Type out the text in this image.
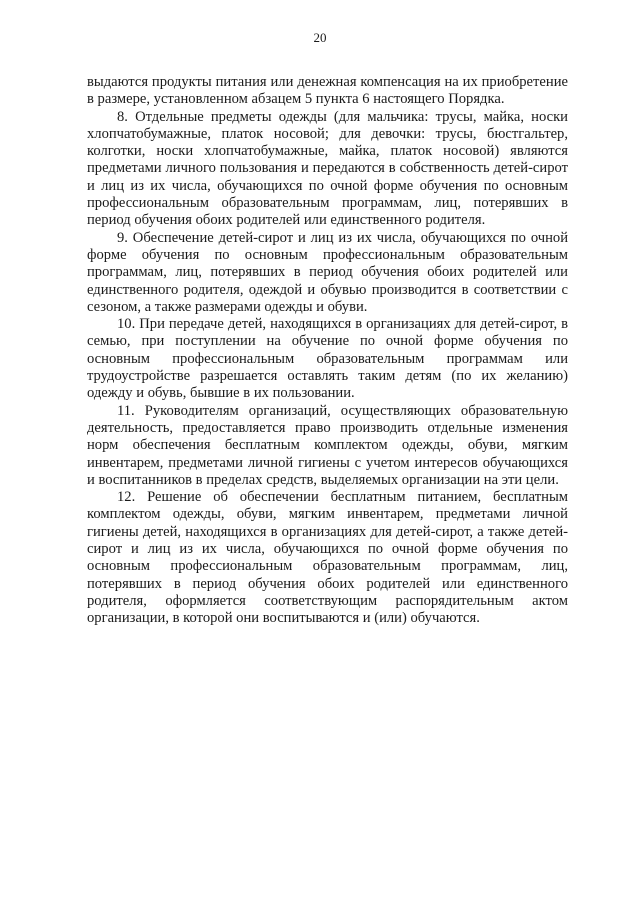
20

выдаются продукты питания или денежная компенсация на их приобретение в размере, установленном абзацем 5 пункта 6 настоящего Порядка.

8. Отдельные предметы одежды (для мальчика: трусы, майка, носки хлопчатобумажные, платок носовой; для девочки: трусы, бюстгальтер, колготки, носки хлопчатобумажные, майка, платок носовой) являются предметами личного пользования и передаются в собственность детей-сирот и лиц из их числа, обучающихся по очной форме обучения по основным профессиональным образовательным программам, лиц, потерявших в период обучения обоих родителей или единственного родителя.

9. Обеспечение детей-сирот и лиц из их числа, обучающихся по очной форме обучения по основным профессиональным образовательным программам, лиц, потерявших в период обучения обоих родителей или единственного родителя, одеждой и обувью производится в соответствии с сезоном, а также размерами одежды и обуви.

10. При передаче детей, находящихся в организациях для детей-сирот, в семью, при поступлении на обучение по очной форме обучения по основным профессиональным образовательным программам или трудоустройстве разрешается оставлять таким детям (по их желанию) одежду и обувь, бывшие в их пользовании.

11. Руководителям организаций, осуществляющих образовательную деятельность, предоставляется право производить отдельные изменения норм обеспечения бесплатным комплектом одежды, обуви, мягким инвентарем, предметами личной гигиены с учетом интересов обучающихся и воспитанников в пределах средств, выделяемых организации на эти цели.

12. Решение об обеспечении бесплатным питанием, бесплатным комплектом одежды, обуви, мягким инвентарем, предметами личной гигиены детей, находящихся в организациях для детей-сирот, а также детей-сирот и лиц из их числа, обучающихся по очной форме обучения по основным профессиональным образовательным программам, лиц, потерявших в период обучения обоих родителей или единственного родителя, оформляется соответствующим распорядительным актом организации, в которой они воспитываются и (или) обучаются.
